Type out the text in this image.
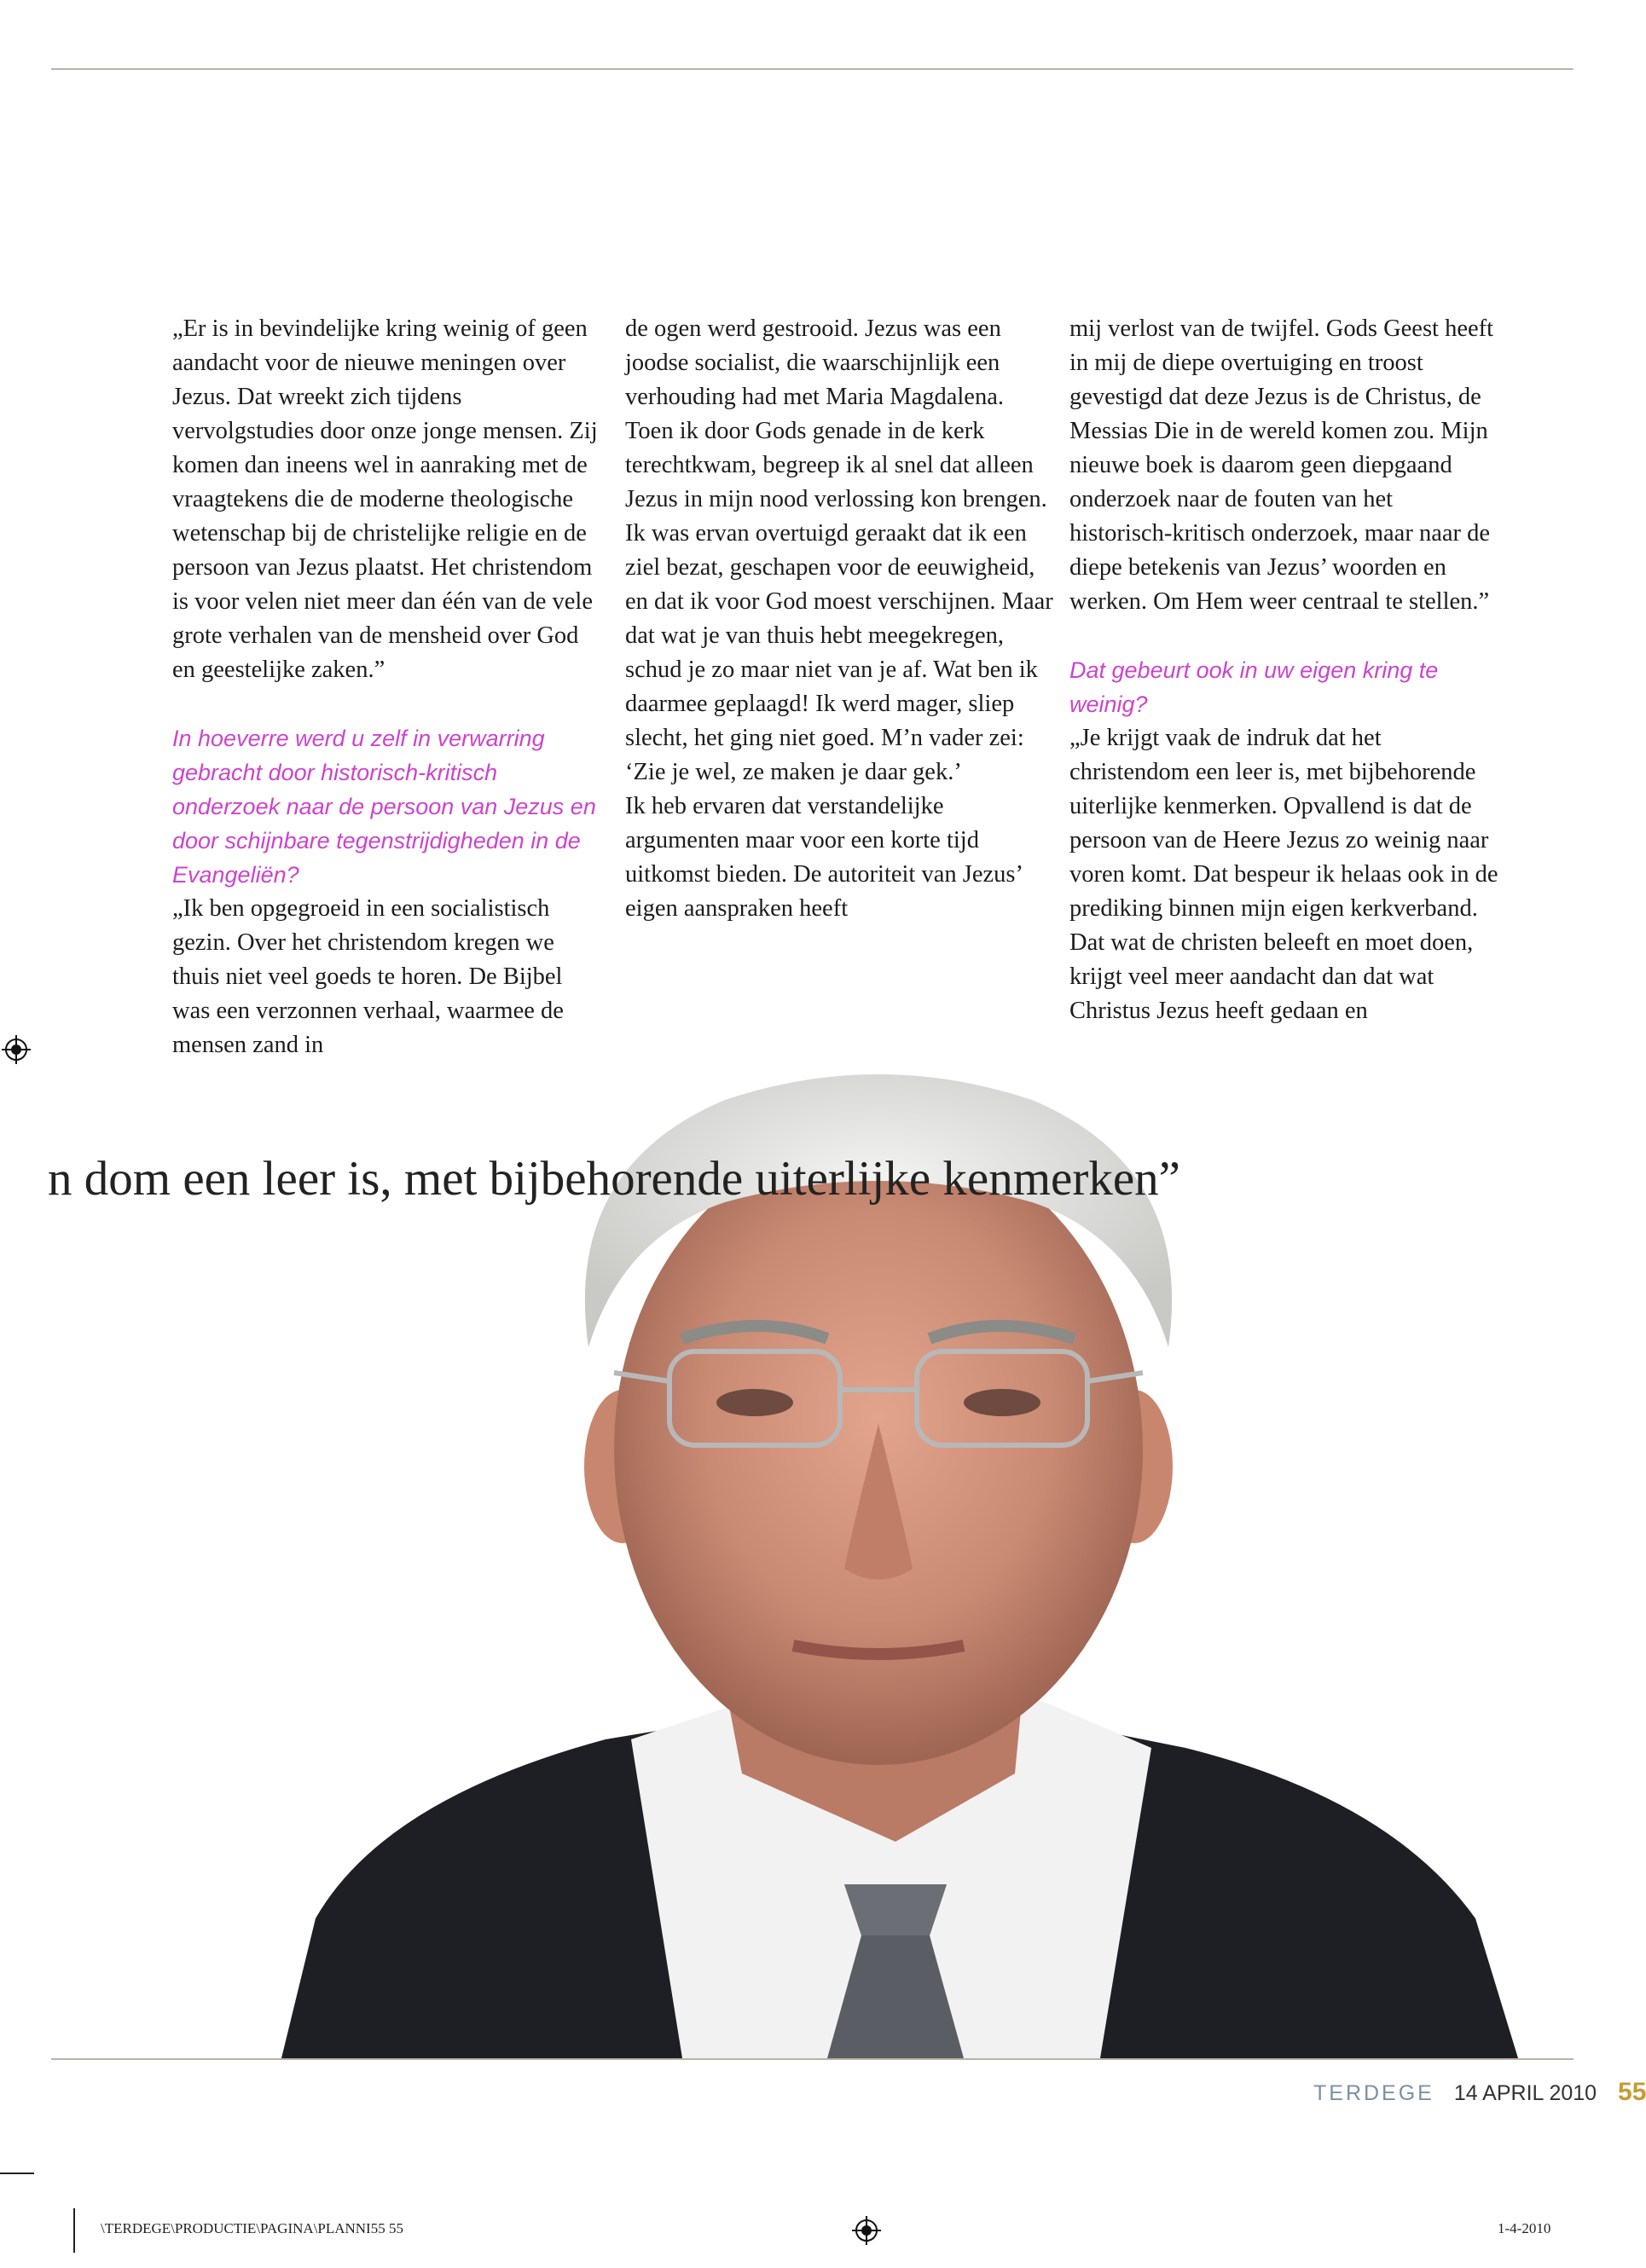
„Er is in bevindelijke kring weinig of geen aandacht voor de nieuwe meningen over Jezus. Dat wreekt zich tijdens vervolgstudies door onze jonge mensen. Zij komen dan ineens wel in aanraking met de vraagtekens die de moderne theologische wetenschap bij de christelijke religie en de persoon van Jezus plaatst. Het christendom is voor velen niet meer dan één van de vele grote verhalen van de mensheid over God en geestelijke zaken.”

In hoeverre werd u zelf in verwarring gebracht door historisch-kritisch onderzoek naar de persoon van Jezus en door schijnbare tegenstrijdigheden in de Evangeliën?

„Ik ben opgegroeid in een socialistisch gezin. Over het christendom kregen we thuis niet veel goeds te horen. De Bijbel was een verzonnen verhaal, waarmee de mensen zand in

de ogen werd gestrooid. Jezus was een joodse socialist, die waarschijnlijk een verhouding had met Maria Magdalena.

Toen ik door Gods genade in de kerk terechtkwam, begreep ik al snel dat alleen Jezus in mijn nood verlossing kon brengen. Ik was ervan overtuigd geraakt dat ik een ziel bezat, geschapen voor de eeuwigheid, en dat ik voor God moest verschijnen. Maar dat wat je van thuis hebt meegekregen, schud je zo maar niet van je af. Wat ben ik daarmee geplaagd! Ik werd mager, sliep slecht, het ging niet goed. M’n vader zei: ‘Zie je wel, ze maken je daar gek.’

Ik heb ervaren dat verstandelijke argumenten maar voor een korte tijd uitkomst bieden. De autoriteit van Jezus’ eigen aanspraken heeft

mij verlost van de twijfel. Gods Geest heeft in mij de diepe overtuiging en troost gevestigd dat deze Jezus is de Christus, de Messias Die in de wereld komen zou. Mijn nieuwe boek is daarom geen diepgaand onderzoek naar de fouten van het historisch-kritisch onderzoek, maar naar de diepe betekenis van Jezus’ woorden en werken. Om Hem weer centraal te stellen.”

Dat gebeurt ook in uw eigen kring te weinig?

„Je krijgt vaak de indruk dat het christendom een leer is, met bijbehorende uiterlijke kenmerken. Opvallend is dat de persoon van de Heere Jezus zo weinig naar voren komt. Dat bespeur ik helaas ook in de prediking binnen mijn eigen kerkverband. Dat wat de christen beleeft en moet doen, krijgt veel meer aandacht dan dat wat Christus Jezus heeft gedaan en

n dom een leer is, met bijbehorende uiterlijke kenmerken”
TERDEGE 14 APRIL 2010 55
\TERDEGE\PRODUCTIE\PAGINA\PLANNI55 55	1-4-2010
